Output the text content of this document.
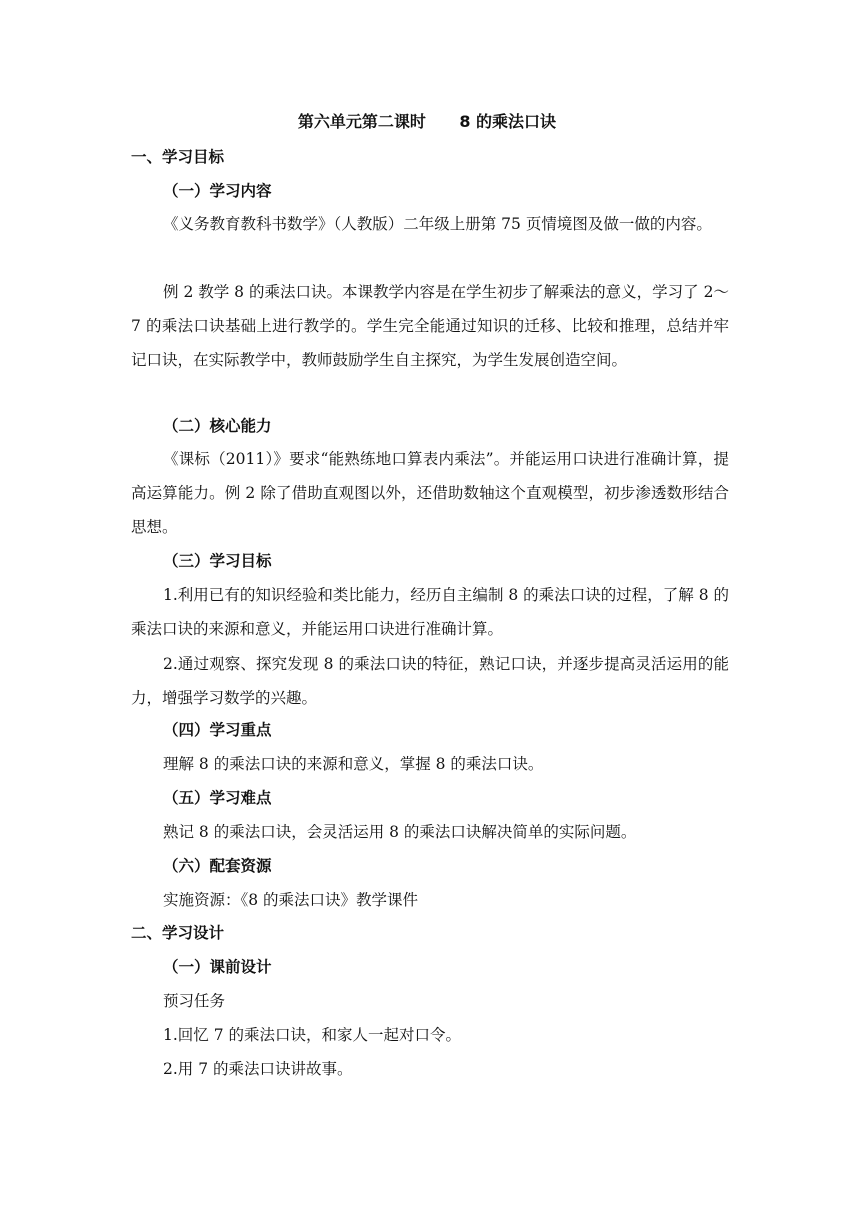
第六单元第二课时      8 的乘法口诀
一、学习目标
（一）学习内容

《义务教育教科书数学》（人教版）二年级上册第 75 页情境图及做一做的内容。

例 2 教学 8 的乘法口诀。本课教学内容是在学生初步了解乘法的意义，学习了 2～7 的乘法口诀基础上进行教学的。学生完全能通过知识的迁移、比较和推理，总结并牢记口诀，在实际教学中，教师鼓励学生自主探究，为学生发展创造空间。

（二）核心能力

《课标（2011）》要求“能熟练地口算表内乘法”。并能运用口诀进行准确计算，提高运算能力。例 2 除了借助直观图以外，还借助数轴这个直观模型，初步渗透数形结合思想。

（三）学习目标

1.利用已有的知识经验和类比能力，经历自主编制 8 的乘法口诀的过程，了解 8 的乘法口诀的来源和意义，并能运用口诀进行准确计算。

2.通过观察、探究发现 8 的乘法口诀的特征，熟记口诀，并逐步提高灵活运用的能力，增强学习数学的兴趣。

（四）学习重点
理解 8 的乘法口诀的来源和意义，掌握 8 的乘法口诀。
（五）学习难点
熟记 8 的乘法口诀，会灵活运用 8 的乘法口诀解决简单的实际问题。
（六）配套资源
实施资源：《8 的乘法口诀》教学课件
二、学习设计
（一）课前设计
预习任务
1.回忆 7 的乘法口诀，和家人一起对口令。
2.用 7 的乘法口诀讲故事。
